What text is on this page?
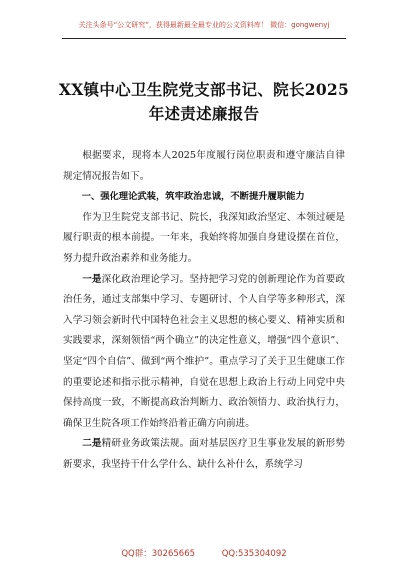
关注头条号“公文研究”，获得最新最全最专业的公文资料库！ 微信：gongwenyj
XX镇中心卫生院党支部书记、院长2025
年述责述廉报告

根据要求，现将本人2025年度履行岗位职责和遵守廉洁自律规定情况报告如下。

一、强化理论武装，筑牢政治忠诚，不断提升履职能力

作为卫生院党支部书记、院长，我深知政治坚定、本领过硬是履行职责的根本前提。一年来，我始终将加强自身建设摆在首位，努力提升政治素养和业务能力。

一是深化政治理论学习。坚持把学习党的创新理论作为首要政治任务，通过支部集中学习、专题研讨、个人自学等多种形式，深入学习领会新时代中国特色社会主义思想的核心要义、精神实质和实践要求，深刻领悟“两个确立”的决定性意义，增强“四个意识”、坚定“四个自信”、做到“两个维护”。重点学习了关于卫生健康工作的重要论述和指示批示精神，自觉在思想上政治上行动上同党中央保持高度一致，不断提高政治判断力、政治领悟力、政治执行力，确保卫生院各项工作始终沿着正确方向前进。

二是精研业务政策法规。面对基层医疗卫生事业发展的新形势新要求，我坚持干什么学什么、缺什么补什么，系统学习

QQ群：30265665	QQ:535304092
